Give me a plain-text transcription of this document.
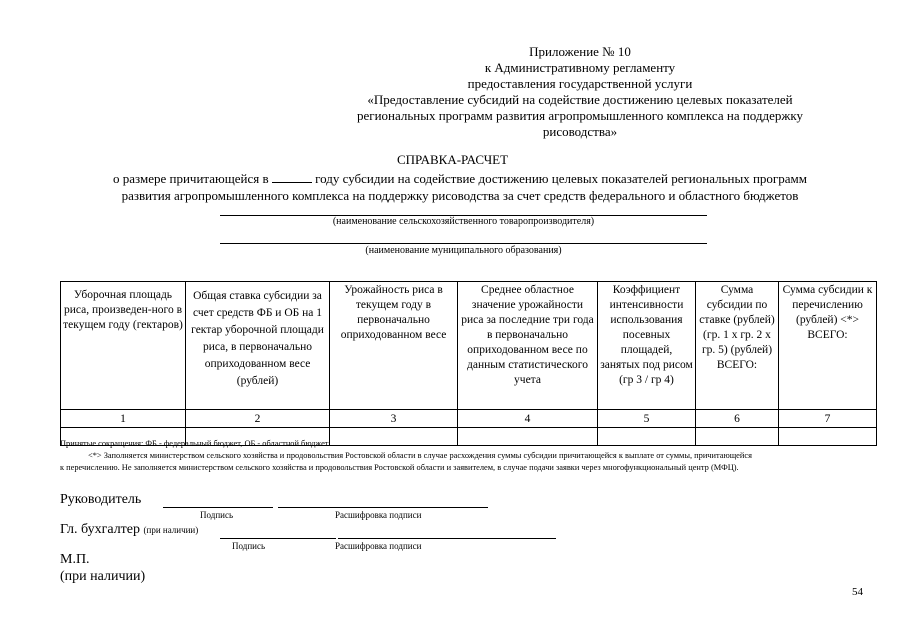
Приложение № 10
к Административному регламенту
предоставления государственной услуги
«Предоставление субсидий на содействие достижению целевых показателей
региональных программ развития агропромышленного комплекса на поддержку
рисоводства»
СПРАВКА-РАСЧЕТ
о размере причитающейся в	году субсидии на содействие достижению целевых показателей региональных программ
развития агропромышленного комплекса на поддержку рисоводства за счет средств федерального и областного бюджетов
(наименование сельскохозяйственного товаропроизводителя)
(наименование муниципального образования)
Уборочная площадь риса, произведен-ного в текущем году (гектаров)	Общая ставка субсидии за счет средств ФБ и ОБ на 1 гектар уборочной площади риса, в первоначально оприходованном весе (рублей)	Урожайность риса в текущем году в первоначально оприходованном весе	Среднее областное значение урожайности риса за последние три года в первоначально оприходованном весе по данным статистического учета	Коэффициент интенсивности использования посевных площадей, занятых под рисом (гр 3 / гр 4)	Сумма субсидии по ставке (рублей) (гр. 1 х гр. 2 х гр. 5) (рублей) ВСЕГО:	Сумма субсидии к перечислению (рублей) <*> ВСЕГО:
1	2	3	4	5	6	7

Принятые сокращения: ФБ - федеральный бюджет, ОБ - областной бюджет
<*> Заполняется министерством сельского хозяйства и продовольствия Ростовской области в случае расхождения суммы субсидии причитающейся к выплате от суммы, причитающейся
к перечислению. Не заполняется министерством сельского хозяйства и продовольствия Ростовской области и заявителем, в случае подачи заявки через многофункциональный центр (МФЦ).
Руководитель
Подпись	Расшифровка подписи
Гл. бухгалтер (при наличии)
Подпись	Расшифровка подписи
М.П.
(при наличии)
54
